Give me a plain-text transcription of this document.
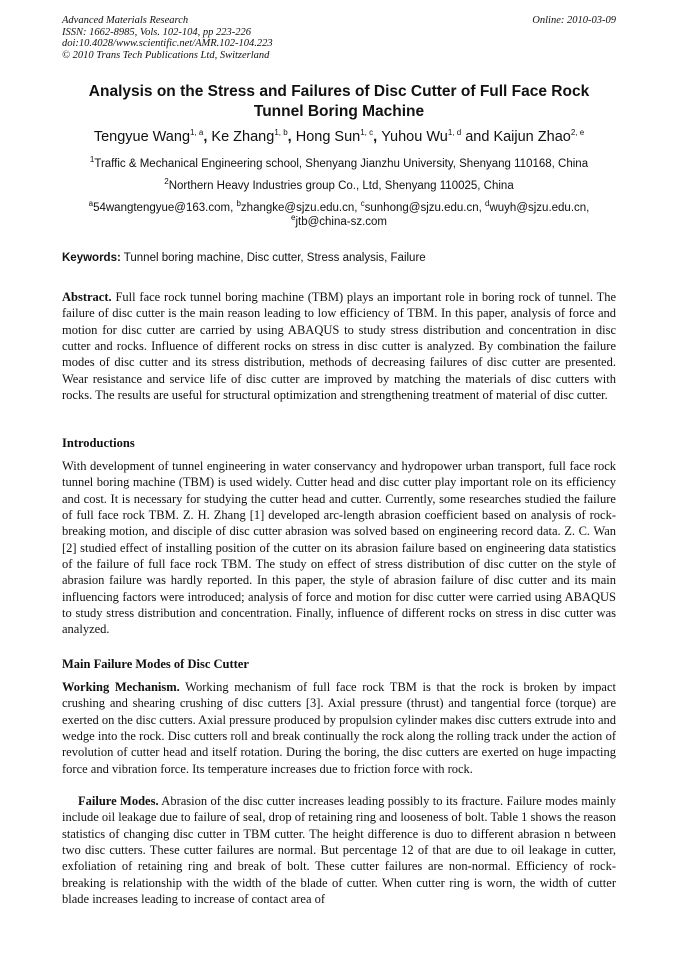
Advanced Materials Research
ISSN: 1662-8985, Vols. 102-104, pp 223-226
doi:10.4028/www.scientific.net/AMR.102-104.223
© 2010 Trans Tech Publications Ltd, Switzerland
Online: 2010-03-09
Analysis on the Stress and Failures of Disc Cutter of Full Face Rock Tunnel Boring Machine
Tengyue Wang$^{1, a}$, Ke Zhang$^{1, b}$, Hong Sun$^{1, c}$, Yuhou Wu$^{1, d}$ and Kaijun Zhao$^{2, e}$
$^1$Traffic & Mechanical Engineering school, Shenyang Jianzhu University, Shenyang 110168, China
$^2$Northern Heavy Industries group Co., Ltd, Shenyang 110025, China
$^a$54wangtengyue@163.com, $^b$zhangke@sjzu.edu.cn, $^c$sunhong@sjzu.edu.cn, $^d$wuyh@sjzu.edu.cn,
$^e$jtb@china-sz.com
Keywords: Tunnel boring machine, Disc cutter, Stress analysis, Failure
Abstract. Full face rock tunnel boring machine (TBM) plays an important role in boring rock of tunnel. The failure of disc cutter is the main reason leading to low efficiency of TBM. In this paper, analysis of force and motion for disc cutter are carried by using ABAQUS to study stress distribution and concentration in disc cutter and rocks. Influence of different rocks on stress in disc cutter is analyzed. By combination the failure modes of disc cutter and its stress distribution, methods of decreasing failures of disc cutter are presented. Wear resistance and service life of disc cutter are improved by matching the materials of disc cutters with rocks. The results are useful for structural optimization and strengthening treatment of material of disc cutter.
Introductions
With development of tunnel engineering in water conservancy and hydropower urban transport, full face rock tunnel boring machine (TBM) is used widely. Cutter head and disc cutter play important role on its efficiency and cost. It is necessary for studying the cutter head and cutter. Currently, some researches studied the failure of full face rock TBM. Z. H. Zhang [1] developed arc-length abrasion coefficient based on analysis of rock-breaking motion, and disciple of disc cutter abrasion was solved based on engineering record data. Z. C. Wan [2] studied effect of installing position of the cutter on its abrasion failure based on engineering data statistics of the failure of full face rock TBM. The study on effect of stress distribution of disc cutter on the style of abrasion failure was hardly reported. In this paper, the style of abrasion failure of disc cutter and its main influencing factors were introduced; analysis of force and motion for disc cutter were carried using ABAQUS to study stress distribution and concentration. Finally, influence of different rocks on stress in disc cutter was analyzed.
Main Failure Modes of Disc Cutter
Working Mechanism. Working mechanism of full face rock TBM is that the rock is broken by impact crushing and shearing crushing of disc cutters [3]. Axial pressure (thrust) and tangential force (torque) are exerted on the disc cutters. Axial pressure produced by propulsion cylinder makes disc cutters extrude into and wedge into the rock. Disc cutters roll and break continually the rock along the rolling track under the action of revolution of cutter head and itself rotation. During the boring, the disc cutters are exerted on huge impacting force and vibration force. Its temperature increases due to friction force with rock.
Failure Modes. Abrasion of the disc cutter increases leading possibly to its fracture. Failure modes mainly include oil leakage due to failure of seal, drop of retaining ring and looseness of bolt. Table 1 shows the reason statistics of changing disc cutter in TBM cutter. The height difference is duo to different abrasion n between two disc cutters. These cutter failures are normal. But percentage 12 of that are due to oil leakage in cutter, exfoliation of retaining ring and break of bolt. These cutter failures are non-normal. Efficiency of rock-breaking is relationship with the width of the blade of cutter. When cutter ring is worn, the width of cutter blade increases leading to increase of contact area of
